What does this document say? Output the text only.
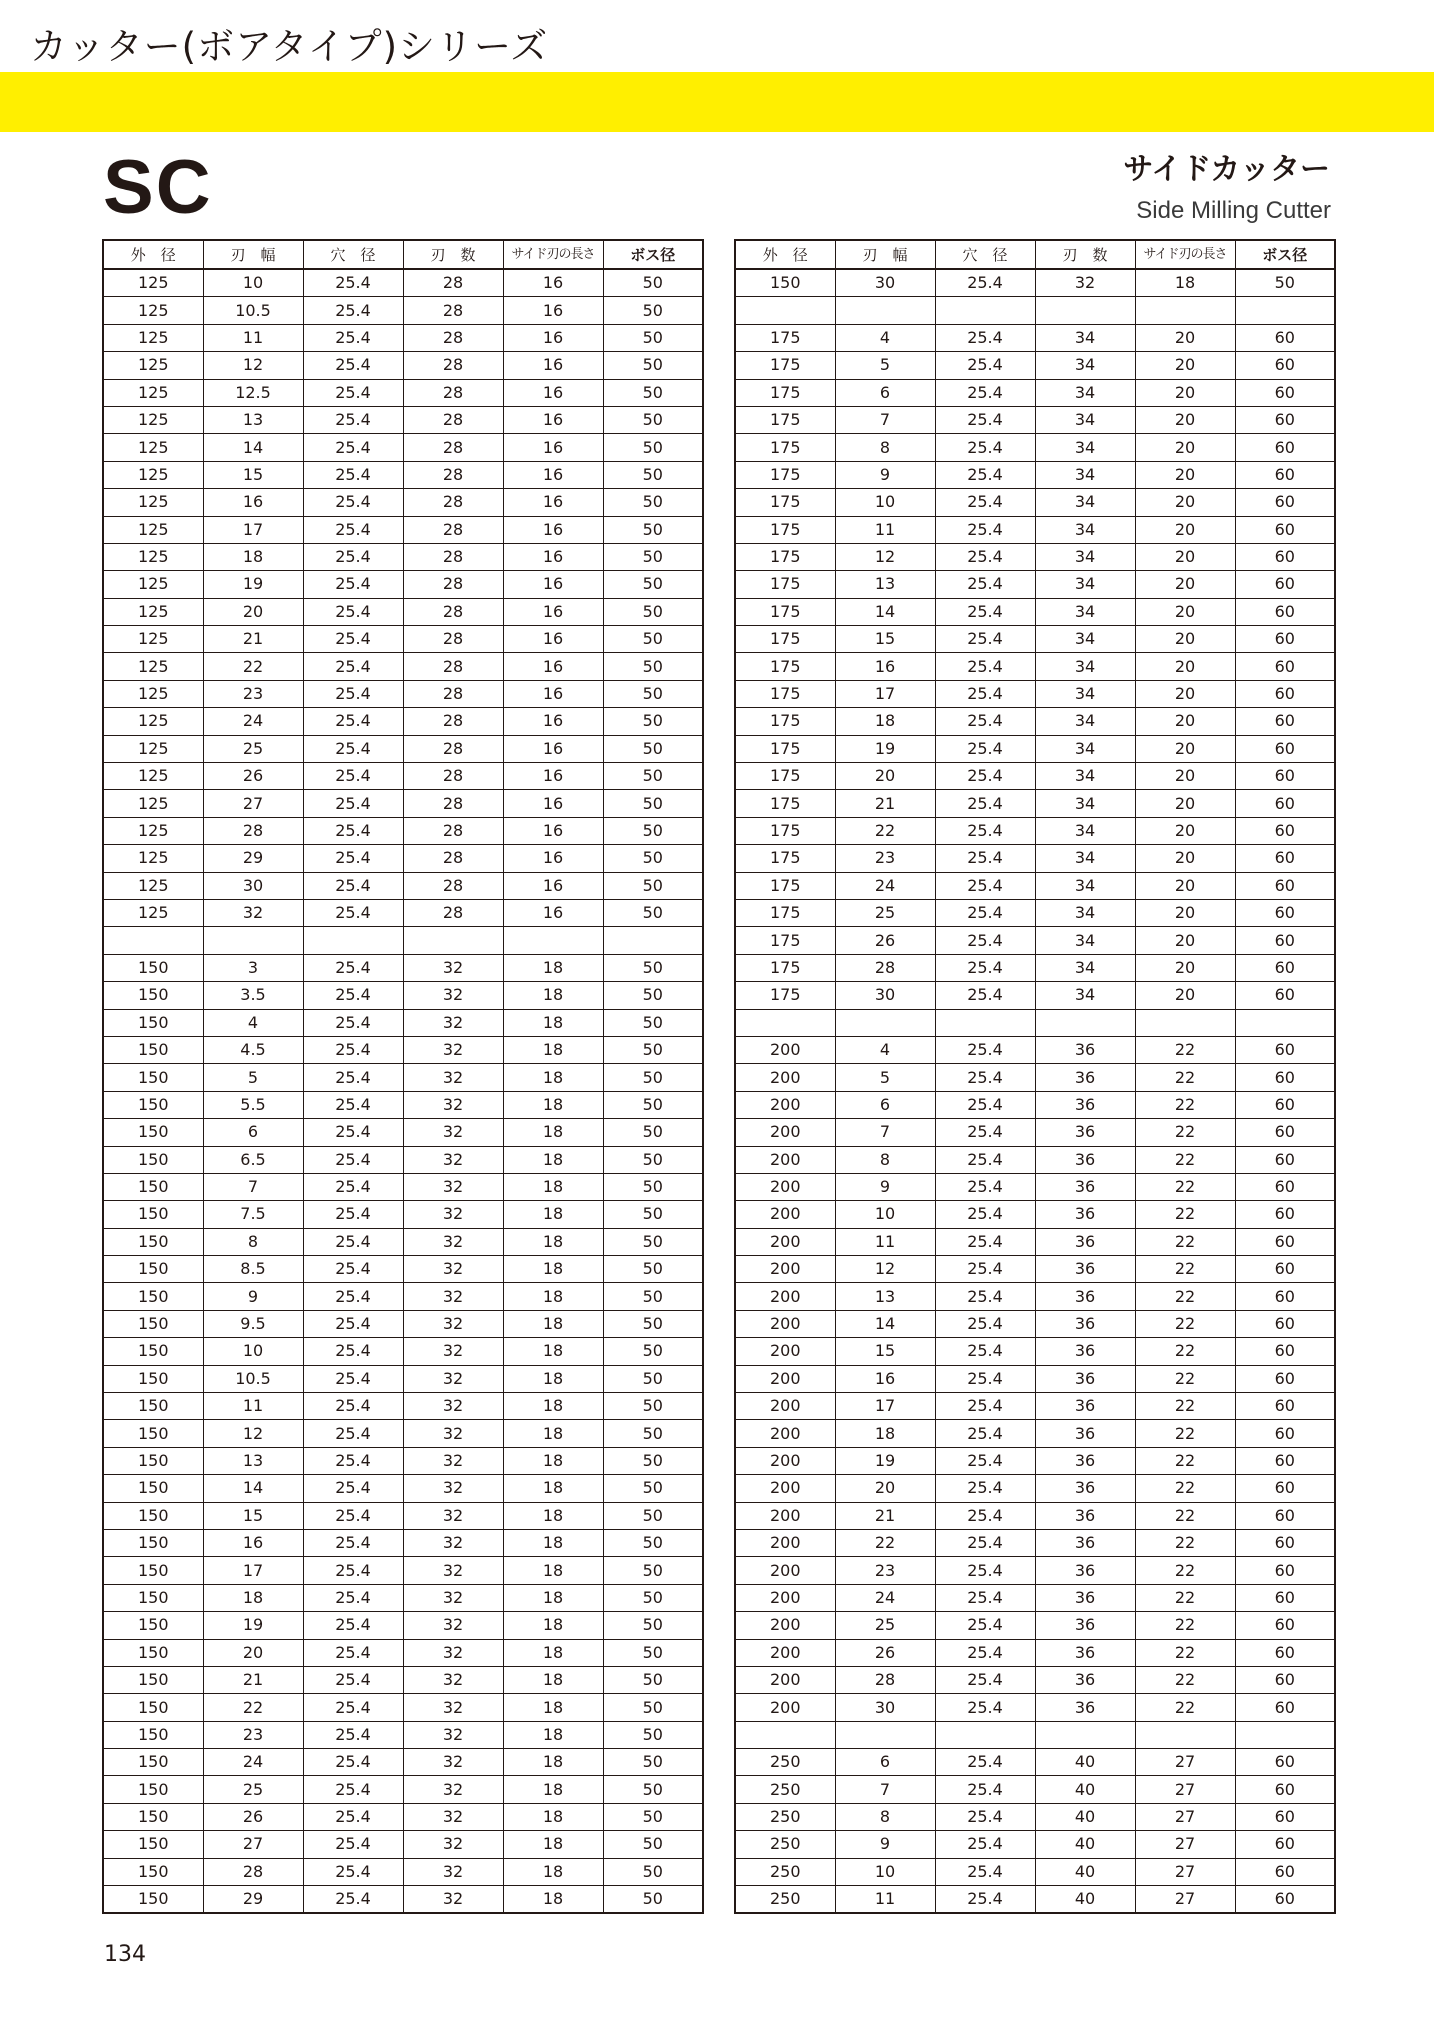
カッター(ボアタイプ)シリーズ
SC	サイドカッター
Side Milling Cutter
外　径	刃　幅	穴　径	刃　数	サイド刃の長さ	ボス径
125	10	25.4	28	16	50
125	10.5	25.4	28	16	50
125	11	25.4	28	16	50
125	12	25.4	28	16	50
125	12.5	25.4	28	16	50
125	13	25.4	28	16	50
125	14	25.4	28	16	50
125	15	25.4	28	16	50
125	16	25.4	28	16	50
125	17	25.4	28	16	50
125	18	25.4	28	16	50
125	19	25.4	28	16	50
125	20	25.4	28	16	50
125	21	25.4	28	16	50
125	22	25.4	28	16	50
125	23	25.4	28	16	50
125	24	25.4	28	16	50
125	25	25.4	28	16	50
125	26	25.4	28	16	50
125	27	25.4	28	16	50
125	28	25.4	28	16	50
125	29	25.4	28	16	50
125	30	25.4	28	16	50
125	32	25.4	28	16	50

150	3	25.4	32	18	50
150	3.5	25.4	32	18	50
150	4	25.4	32	18	50
150	4.5	25.4	32	18	50
150	5	25.4	32	18	50
150	5.5	25.4	32	18	50
150	6	25.4	32	18	50
150	6.5	25.4	32	18	50
150	7	25.4	32	18	50
150	7.5	25.4	32	18	50
150	8	25.4	32	18	50
150	8.5	25.4	32	18	50
150	9	25.4	32	18	50
150	9.5	25.4	32	18	50
150	10	25.4	32	18	50
150	10.5	25.4	32	18	50
150	11	25.4	32	18	50
150	12	25.4	32	18	50
150	13	25.4	32	18	50
150	14	25.4	32	18	50
150	15	25.4	32	18	50
150	16	25.4	32	18	50
150	17	25.4	32	18	50
150	18	25.4	32	18	50
150	19	25.4	32	18	50
150	20	25.4	32	18	50
150	21	25.4	32	18	50
150	22	25.4	32	18	50
150	23	25.4	32	18	50
150	24	25.4	32	18	50
150	25	25.4	32	18	50
150	26	25.4	32	18	50
150	27	25.4	32	18	50
150	28	25.4	32	18	50
150	29	25.4	32	18	50
外　径	刃　幅	穴　径	刃　数	サイド刃の長さ	ボス径
150	30	25.4	32	18	50

175	4	25.4	34	20	60
175	5	25.4	34	20	60
175	6	25.4	34	20	60
175	7	25.4	34	20	60
175	8	25.4	34	20	60
175	9	25.4	34	20	60
175	10	25.4	34	20	60
175	11	25.4	34	20	60
175	12	25.4	34	20	60
175	13	25.4	34	20	60
175	14	25.4	34	20	60
175	15	25.4	34	20	60
175	16	25.4	34	20	60
175	17	25.4	34	20	60
175	18	25.4	34	20	60
175	19	25.4	34	20	60
175	20	25.4	34	20	60
175	21	25.4	34	20	60
175	22	25.4	34	20	60
175	23	25.4	34	20	60
175	24	25.4	34	20	60
175	25	25.4	34	20	60
175	26	25.4	34	20	60
175	28	25.4	34	20	60
175	30	25.4	34	20	60

200	4	25.4	36	22	60
200	5	25.4	36	22	60
200	6	25.4	36	22	60
200	7	25.4	36	22	60
200	8	25.4	36	22	60
200	9	25.4	36	22	60
200	10	25.4	36	22	60
200	11	25.4	36	22	60
200	12	25.4	36	22	60
200	13	25.4	36	22	60
200	14	25.4	36	22	60
200	15	25.4	36	22	60
200	16	25.4	36	22	60
200	17	25.4	36	22	60
200	18	25.4	36	22	60
200	19	25.4	36	22	60
200	20	25.4	36	22	60
200	21	25.4	36	22	60
200	22	25.4	36	22	60
200	23	25.4	36	22	60
200	24	25.4	36	22	60
200	25	25.4	36	22	60
200	26	25.4	36	22	60
200	28	25.4	36	22	60
200	30	25.4	36	22	60

250	6	25.4	40	27	60
250	7	25.4	40	27	60
250	8	25.4	40	27	60
250	9	25.4	40	27	60
250	10	25.4	40	27	60
250	11	25.4	40	27	60
134
